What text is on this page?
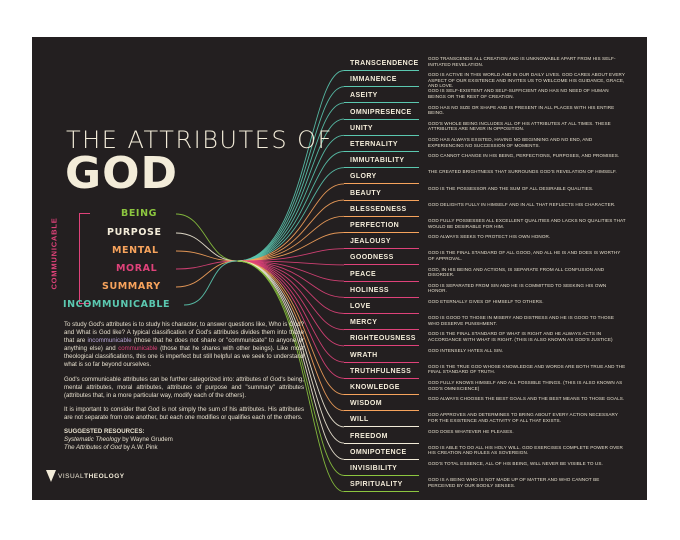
THE ATTRIBUTES OF
GOD
COMMUNICABLE
BEING
PURPOSE
MENTAL
MORAL
SUMMARY
INCOMMUNICABLE

To study God's attributes is to study his character, to answer questions like, Who is God? and What is God like? A typical classification of God's attributes divides them into those that are incommunicable (those that he does not share or "communicate" to anyone or anything else) and communicable (those that he shares with other beings). Like most theological classifications, this one is imperfect but still helpful as we seek to understand what is so far beyond ourselves.

God's communicable attributes can be further categorized into: attributes of God's being, mental attributes, moral attributes, attributes of purpose and "summary" attributes (attributes that, in a more particular way, modify each of the others).

It is important to consider that God is not simply the sum of his attributes. His attributes are not separate from one another, but each one modifies or qualifies each of the others.

SUGGESTED RESOURCES:
Systematic Theology by Wayne Grudem
The Attributes of God by A.W. Pink
VISUALTHEOLOGY
TRANSCENDENCE
GOD TRANSCENDS ALL CREATION AND IS UNKNOWABLE APART FROM HIS SELF-INITIATED REVELATION.
IMMANENCE
GOD IS ACTIVE IN THIS WORLD AND IN OUR DAILY LIVES. GOD CARES ABOUT EVERY ASPECT OF OUR EXISTENCE AND INVITES US TO WELCOME HIS GUIDANCE, GRACE, AND LOVE.
ASEITY
GOD IS SELF-EXISTENT AND SELF-SUFFICIENT AND HAS NO NEED OF HUMAN BEINGS OR THE REST OF CREATION.
OMNIPRESENCE
GOD HAS NO SIZE OR SHAPE AND IS PRESENT IN ALL PLACES WITH HIS ENTIRE BEING.
UNITY
GOD'S WHOLE BEING INCLUDES ALL OF HIS ATTRIBUTES AT ALL TIMES. THESE ATTRIBUTES ARE NEVER IN OPPOSITION.
ETERNALITY
GOD HAS ALWAYS EXISTED, HAVING NO BEGINNING AND NO END, AND EXPERIENCING NO SUCCESSION OF MOMENTS.
IMMUTABILITY
GOD CANNOT CHANGE IN HIS BEING, PERFECTIONS, PURPOSES, AND PROMISES.
GLORY
THE CREATED BRIGHTNESS THAT SURROUNDS GOD'S REVELATION OF HIMSELF.
BEAUTY
GOD IS THE POSSESSOR AND THE SUM OF ALL DESIRABLE QUALITIES.
BLESSEDNESS
GOD DELIGHTS FULLY IN HIMSELF AND IN ALL THAT REFLECTS HIS CHARACTER.
PERFECTION
GOD FULLY POSSESSES ALL EXCELLENT QUALITIES AND LACKS NO QUALITIES THAT WOULD BE DESIRABLE FOR HIM.
JEALOUSY
GOD ALWAYS SEEKS TO PROTECT HIS OWN HONOR.
GOODNESS
GOD IS THE FINAL STANDARD OF ALL GOOD, AND ALL HE IS AND DOES IS WORTHY OF APPROVAL.
PEACE
GOD, IN HIS BEING AND ACTIONS, IS SEPARATE FROM ALL CONFUSION AND DISORDER.
HOLINESS
GOD IS SEPARATED FROM SIN AND HE IS COMMITTED TO SEEKING HIS OWN HONOR.
LOVE
GOD ETERNALLY GIVES OF HIMSELF TO OTHERS.
MERCY
GOD IS GOOD TO THOSE IN MISERY AND DISTRESS AND HE IS GOOD TO THOSE WHO DESERVE PUNISHMENT.
RIGHTEOUSNESS
GOD IS THE FINAL STANDARD OF WHAT IS RIGHT AND HE ALWAYS ACTS IN ACCORDANCE WITH WHAT IS RIGHT. (THIS IS ALSO KNOWN AS GOD'S JUSTICE)
WRATH
GOD INTENSELY HATES ALL SIN.
TRUTHFULNESS
GOD IS THE TRUE GOD WHOSE KNOWLEDGE AND WORDS ARE BOTH TRUE AND THE FINAL STANDARD OF TRUTH.
KNOWLEDGE
GOD FULLY KNOWS HIMSELF AND ALL POSSIBLE THINGS. (THIS IS ALSO KNOWN AS GOD'S OMNISCIENCE)
WISDOM
GOD ALWAYS CHOOSES THE BEST GOALS AND THE BEST MEANS TO THOSE GOALS.
WILL
GOD APPROVES AND DETERMINES TO BRING ABOUT EVERY ACTION NECESSARY FOR THE EXISTENCE AND ACTIVITY OF ALL THAT EXISTS.
FREEDOM
GOD DOES WHATEVER HE PLEASES.
OMNIPOTENCE
GOD IS ABLE TO DO ALL HIS HOLY WILL. GOD EXERCISES COMPLETE POWER OVER HIS CREATION AND RULES AS SOVEREIGN.
INVISIBILITY
GOD'S TOTAL ESSENCE, ALL OF HIS BEING, WILL NEVER BE VISIBLE TO US.
SPIRITUALITY
GOD IS A BEING WHO IS NOT MADE UP OF MATTER AND WHO CANNOT BE PERCEIVED BY OUR BODILY SENSES.
